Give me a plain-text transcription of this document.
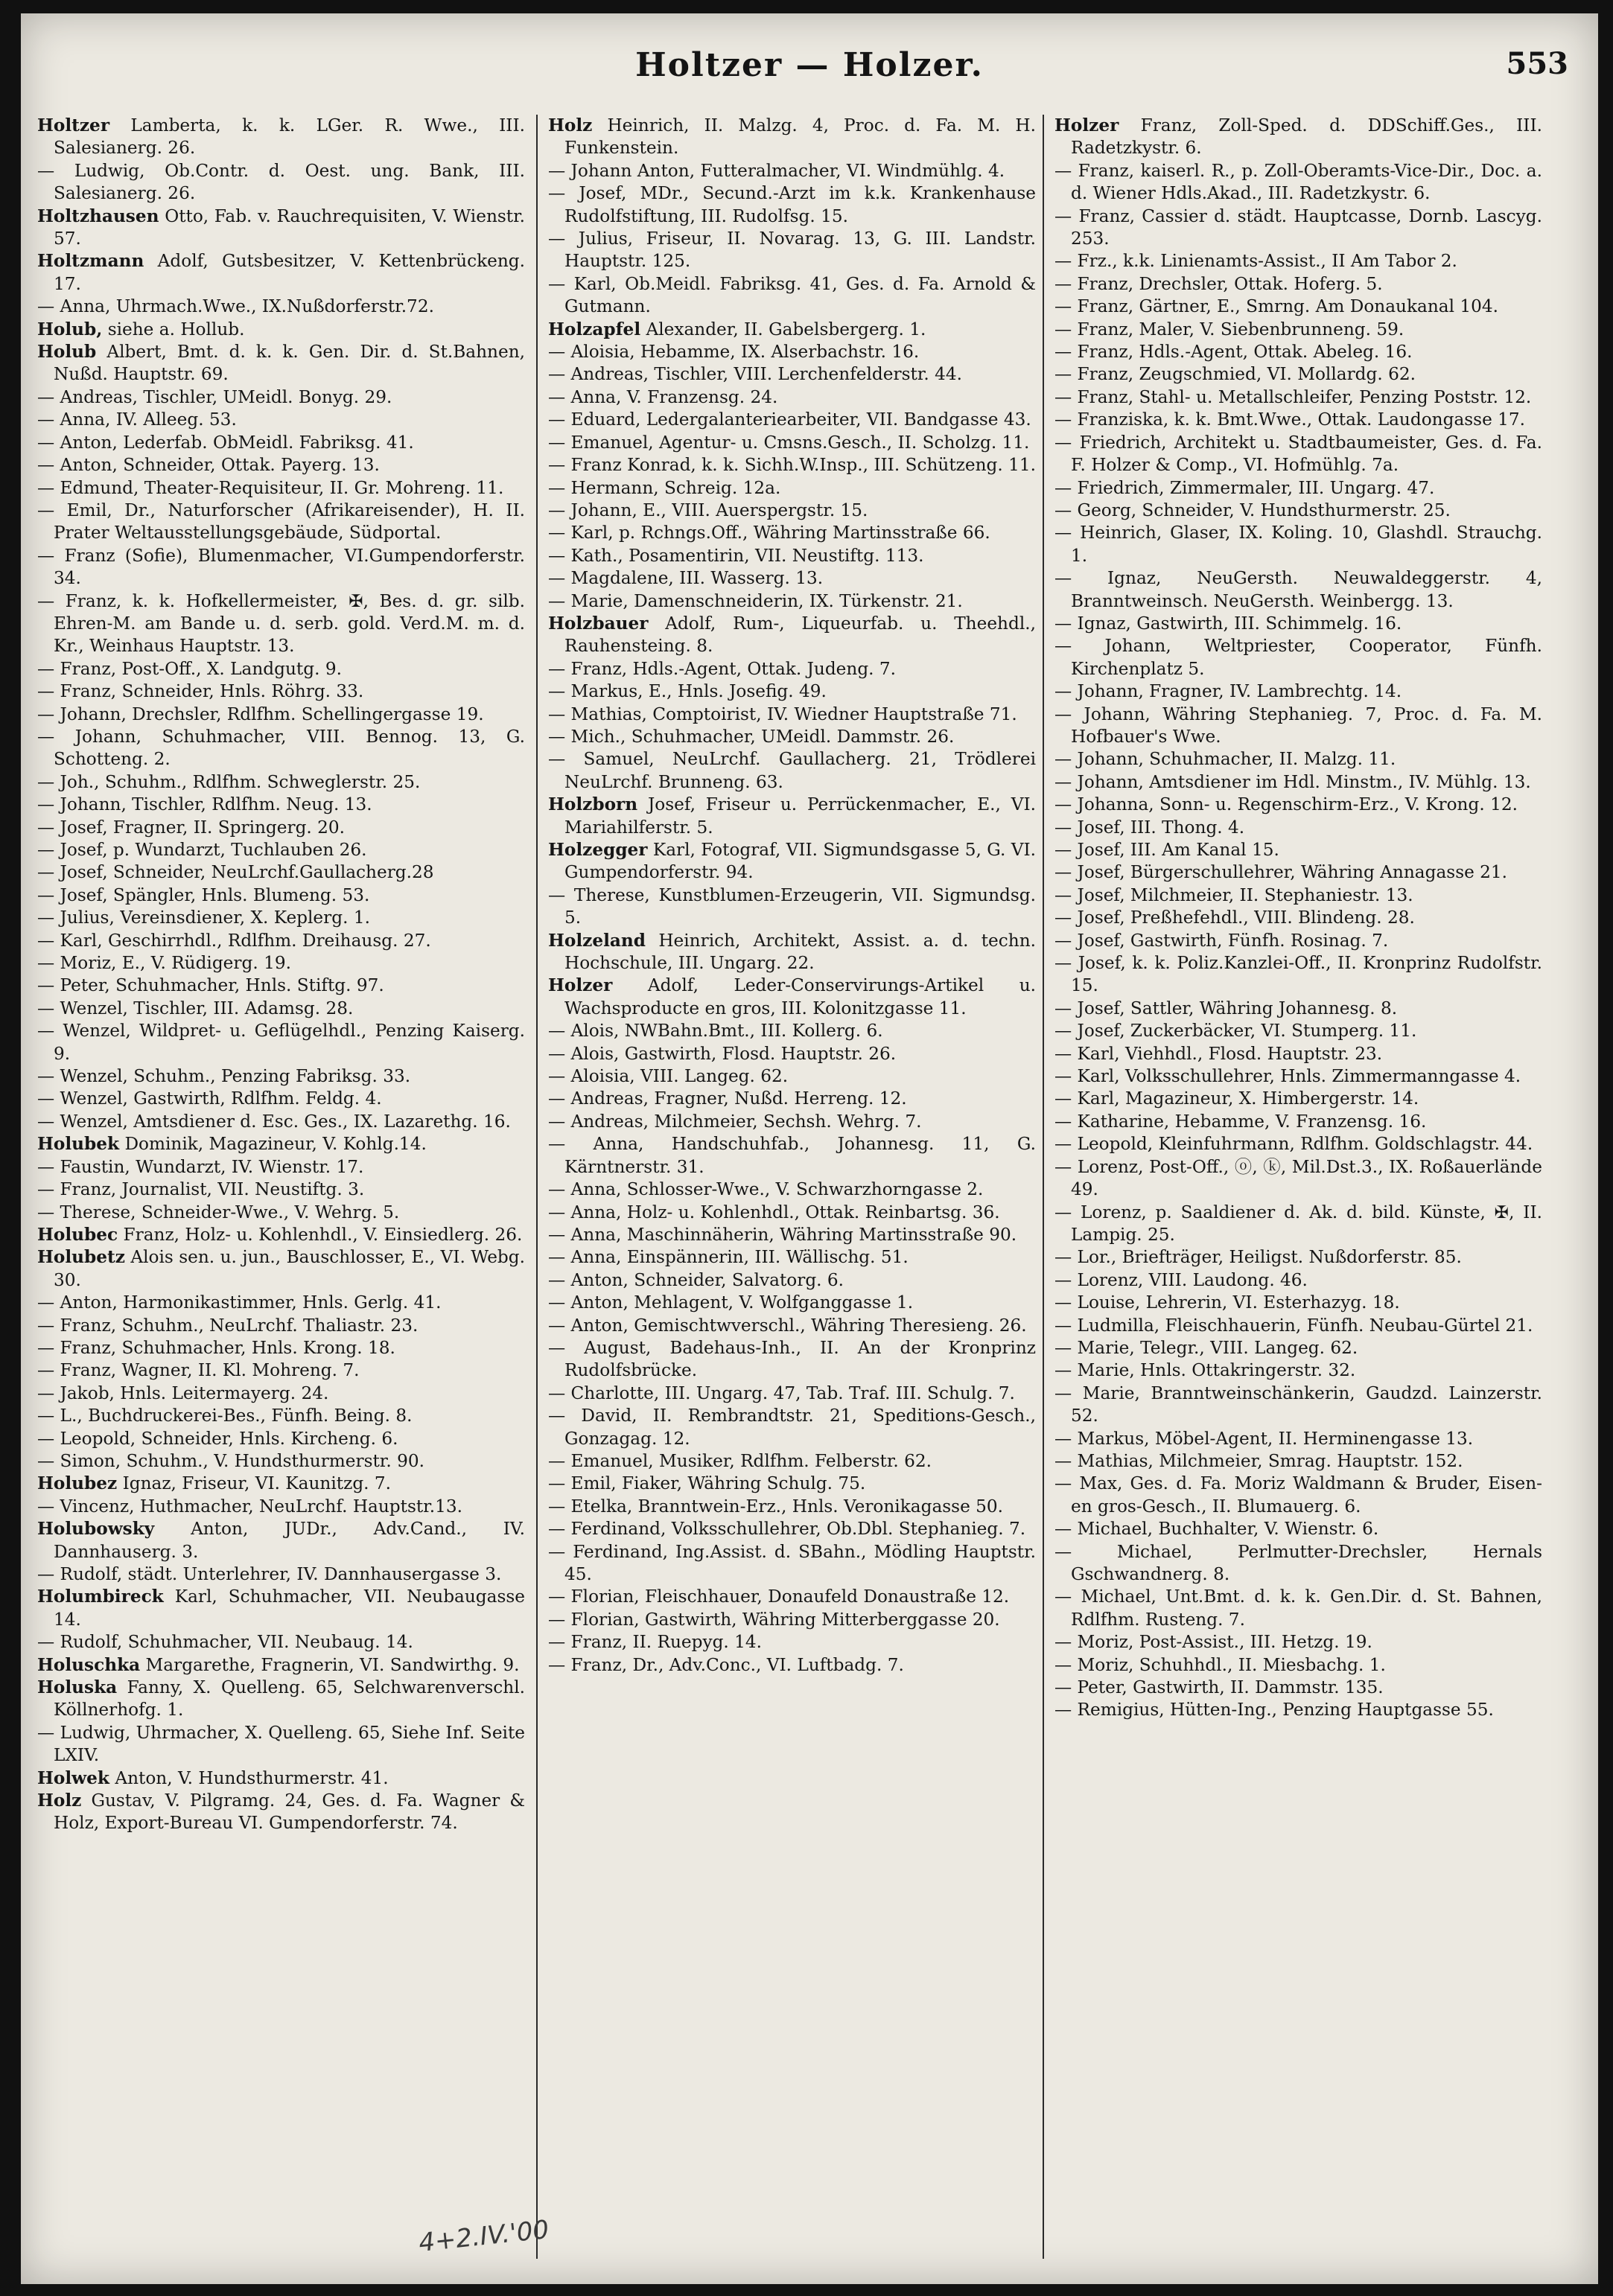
Holtzer — Holzer.	553

Holtzer Lamberta, k. k. LGer. R. Wwe., III. Salesianerg. 26.

— Ludwig, Ob.Contr. d. Oest. ung. Bank, III. Salesianerg. 26.

Holtzhausen Otto, Fab. v. Rauchrequisiten, V. Wienstr. 57.

Holtzmann Adolf, Gutsbesitzer, V. Kettenbrückeng. 17.

— Anna, Uhrmach.Wwe., IX.Nußdorferstr.72.

Holub, siehe a. Hollub.

Holub Albert, Bmt. d. k. k. Gen. Dir. d. St.Bahnen, Nußd. Hauptstr. 69.

— Andreas, Tischler, UMeidl. Bonyg. 29.

— Anna, IV. Alleeg. 53.

— Anton, Lederfab. ObMeidl. Fabriksg. 41.

— Anton, Schneider, Ottak. Payerg. 13.

— Edmund, Theater-Requisiteur, II. Gr. Mohreng. 11.

— Emil, Dr., Naturforscher (Afrikareisender), H. II. Prater Weltausstellungsgebäude, Südportal.

— Franz (Sofie), Blumenmacher, VI.Gumpendorferstr. 34.

— Franz, k. k. Hofkellermeister, ✠, Bes. d. gr. silb. Ehren-M. am Bande u. d. serb. gold. Verd.M. m. d. Kr., Weinhaus Hauptstr. 13.

— Franz, Post-Off., X. Landgutg. 9.

— Franz, Schneider, Hnls. Röhrg. 33.

— Johann, Drechsler, Rdlfhm. Schellingergasse 19.

— Johann, Schuhmacher, VIII. Bennog. 13, G. Schotteng. 2.

— Joh., Schuhm., Rdlfhm. Schweglerstr. 25.

— Johann, Tischler, Rdlfhm. Neug. 13.

— Josef, Fragner, II. Springerg. 20.

— Josef, p. Wundarzt, Tuchlauben 26.

— Josef, Schneider, NeuLrchf.Gaullacherg.28

— Josef, Spängler, Hnls. Blumeng. 53.

— Julius, Vereinsdiener, X. Keplerg. 1.

— Karl, Geschirrhdl., Rdlfhm. Dreihausg. 27.

— Moriz, E., V. Rüdigerg. 19.

— Peter, Schuhmacher, Hnls. Stiftg. 97.

— Wenzel, Tischler, III. Adamsg. 28.

— Wenzel, Wildpret- u. Geflügelhdl., Penzing Kaiserg. 9.

— Wenzel, Schuhm., Penzing Fabriksg. 33.

— Wenzel, Gastwirth, Rdlfhm. Feldg. 4.

— Wenzel, Amtsdiener d. Esc. Ges., IX. Lazarethg. 16.

Holubek Dominik, Magazineur, V. Kohlg.14.

— Faustin, Wundarzt, IV. Wienstr. 17.

— Franz, Journalist, VII. Neustiftg. 3.

— Therese, Schneider-Wwe., V. Wehrg. 5.

Holubec Franz, Holz- u. Kohlenhdl., V. Einsiedlerg. 26.

Holubetz Alois sen. u. jun., Bauschlosser, E., VI. Webg. 30.

— Anton, Harmonikastimmer, Hnls. Gerlg. 41.

— Franz, Schuhm., NeuLrchf. Thaliastr. 23.

— Franz, Schuhmacher, Hnls. Krong. 18.

— Franz, Wagner, II. Kl. Mohreng. 7.

— Jakob, Hnls. Leitermayerg. 24.

— L., Buchdruckerei-Bes., Fünfh. Being. 8.

— Leopold, Schneider, Hnls. Kircheng. 6.

— Simon, Schuhm., V. Hundsthurmerstr. 90.

Holubez Ignaz, Friseur, VI. Kaunitzg. 7.

— Vincenz, Huthmacher, NeuLrchf. Hauptstr.13.

Holubowsky Anton, JUDr., Adv.Cand., IV. Dannhauserg. 3.

— Rudolf, städt. Unterlehrer, IV. Dannhausergasse 3.

Holumbireck Karl, Schuhmacher, VII. Neubaugasse 14.

— Rudolf, Schuhmacher, VII. Neubaug. 14.

Holuschka Margarethe, Fragnerin, VI. Sandwirthg. 9.

Holuska Fanny, X. Quelleng. 65, Selchwarenverschl. Köllnerhofg. 1.

— Ludwig, Uhrmacher, X. Quelleng. 65, Siehe Inf. Seite LXIV.

Holwek Anton, V. Hundsthurmerstr. 41.

Holz Gustav, V. Pilgramg. 24, Ges. d. Fa. Wagner & Holz, Export-Bureau VI. Gumpendorferstr. 74.

Holz Heinrich, II. Malzg. 4, Proc. d. Fa. M. H. Funkenstein.

— Johann Anton, Futteralmacher, VI. Windmühlg. 4.

— Josef, MDr., Secund.-Arzt im k.k. Krankenhause Rudolfstiftung, III. Rudolfsg. 15.

— Julius, Friseur, II. Novarag. 13, G. III. Landstr. Hauptstr. 125.

— Karl, Ob.Meidl. Fabriksg. 41, Ges. d. Fa. Arnold & Gutmann.

Holzapfel Alexander, II. Gabelsbergerg. 1.

— Aloisia, Hebamme, IX. Alserbachstr. 16.

— Andreas, Tischler, VIII. Lerchenfelderstr. 44.

— Anna, V. Franzensg. 24.

— Eduard, Ledergalanteriearbeiter, VII. Bandgasse 43.

— Emanuel, Agentur- u. Cmsns.Gesch., II. Scholzg. 11.

— Franz Konrad, k. k. Sichh.W.Insp., III. Schützeng. 11.

— Hermann, Schreig. 12a.

— Johann, E., VIII. Auerspergstr. 15.

— Karl, p. Rchngs.Off., Währing Martinsstraße 66.

— Kath., Posamentirin, VII. Neustiftg. 113.

— Magdalene, III. Wasserg. 13.

— Marie, Damenschneiderin, IX. Türkenstr. 21.

Holzbauer Adolf, Rum-, Liqueurfab. u. Theehdl., Rauhensteing. 8.

— Franz, Hdls.-Agent, Ottak. Judeng. 7.

— Markus, E., Hnls. Josefig. 49.

— Mathias, Comptoirist, IV. Wiedner Hauptstraße 71.

— Mich., Schuhmacher, UMeidl. Dammstr. 26.

— Samuel, NeuLrchf. Gaullacherg. 21, Trödlerei NeuLrchf. Brunneng. 63.

Holzborn Josef, Friseur u. Perrückenmacher, E., VI. Mariahilferstr. 5.

Holzegger Karl, Fotograf, VII. Sigmundsgasse 5, G. VI. Gumpendorferstr. 94.

— Therese, Kunstblumen-Erzeugerin, VII. Sigmundsg. 5.

Holzeland Heinrich, Architekt, Assist. a. d. techn. Hochschule, III. Ungarg. 22.

Holzer Adolf, Leder-Conservirungs-Artikel u. Wachsproducte en gros, III. Kolonitzgasse 11.

— Alois, NWBahn.Bmt., III. Kollerg. 6.

— Alois, Gastwirth, Flosd. Hauptstr. 26.

— Aloisia, VIII. Langeg. 62.

— Andreas, Fragner, Nußd. Herreng. 12.

— Andreas, Milchmeier, Sechsh. Wehrg. 7.

— Anna, Handschuhfab., Johannesg. 11, G. Kärntnerstr. 31.

— Anna, Schlosser-Wwe., V. Schwarzhorngasse 2.

— Anna, Holz- u. Kohlenhdl., Ottak. Reinbartsg. 36.

— Anna, Maschinnäherin, Währing Martinsstraße 90.

— Anna, Einspännerin, III. Wällischg. 51.

— Anton, Schneider, Salvatorg. 6.

— Anton, Mehlagent, V. Wolfganggasse 1.

— Anton, Gemischtwverschl., Währing Theresieng. 26.

— August, Badehaus-Inh., II. An der Kronprinz Rudolfsbrücke.

— Charlotte, III. Ungarg. 47, Tab. Traf. III. Schulg. 7.

— David, II. Rembrandtstr. 21, Speditions-Gesch., Gonzagag. 12.

— Emanuel, Musiker, Rdlfhm. Felberstr. 62.

— Emil, Fiaker, Währing Schulg. 75.

— Etelka, Branntwein-Erz., Hnls. Veronikagasse 50.

— Ferdinand, Volksschullehrer, Ob.Dbl. Stephanieg. 7.

— Ferdinand, Ing.Assist. d. SBahn., Mödling Hauptstr. 45.

— Florian, Fleischhauer, Donaufeld Donaustraße 12.

— Florian, Gastwirth, Währing Mitterberggasse 20.

— Franz, II. Ruepyg. 14.

— Franz, Dr., Adv.Conc., VI. Luftbadg. 7.

Holzer Franz, Zoll-Sped. d. DDSchiff.Ges., III. Radetzkystr. 6.

— Franz, kaiserl. R., p. Zoll-Oberamts-Vice-Dir., Doc. a. d. Wiener Hdls.Akad., III. Radetzkystr. 6.

— Franz, Cassier d. städt. Hauptcasse, Dornb. Lascyg. 253.

— Frz., k.k. Linienamts-Assist., II Am Tabor 2.

— Franz, Drechsler, Ottak. Hoferg. 5.

— Franz, Gärtner, E., Smrng. Am Donaukanal 104.

— Franz, Maler, V. Siebenbrunneng. 59.

— Franz, Hdls.-Agent, Ottak. Abeleg. 16.

— Franz, Zeugschmied, VI. Mollardg. 62.

— Franz, Stahl- u. Metallschleifer, Penzing Poststr. 12.

— Franziska, k. k. Bmt.Wwe., Ottak. Laudongasse 17.

— Friedrich, Architekt u. Stadtbaumeister, Ges. d. Fa. F. Holzer & Comp., VI. Hofmühlg. 7a.

— Friedrich, Zimmermaler, III. Ungarg. 47.

— Georg, Schneider, V. Hundsthurmerstr. 25.

— Heinrich, Glaser, IX. Koling. 10, Glashdl. Strauchg. 1.

— Ignaz, NeuGersth. Neuwaldeggerstr. 4, Branntweinsch. NeuGersth. Weinbergg. 13.

— Ignaz, Gastwirth, III. Schimmelg. 16.

— Johann, Weltpriester, Cooperator, Fünfh. Kirchenplatz 5.

— Johann, Fragner, IV. Lambrechtg. 14.

— Johann, Währing Stephanieg. 7, Proc. d. Fa. M. Hofbauer's Wwe.

— Johann, Schuhmacher, II. Malzg. 11.

— Johann, Amtsdiener im Hdl. Minstm., IV. Mühlg. 13.

— Johanna, Sonn- u. Regenschirm-Erz., V. Krong. 12.

— Josef, III. Thong. 4.

— Josef, III. Am Kanal 15.

— Josef, Bürgerschullehrer, Währing Annagasse 21.

— Josef, Milchmeier, II. Stephaniestr. 13.

— Josef, Preßhefehdl., VIII. Blindeng. 28.

— Josef, Gastwirth, Fünfh. Rosinag. 7.

— Josef, k. k. Poliz.Kanzlei-Off., II. Kronprinz Rudolfstr. 15.

— Josef, Sattler, Währing Johannesg. 8.

— Josef, Zuckerbäcker, VI. Stumperg. 11.

— Karl, Viehhdl., Flosd. Hauptstr. 23.

— Karl, Volksschullehrer, Hnls. Zimmermanngasse 4.

— Karl, Magazineur, X. Himbergerstr. 14.

— Katharine, Hebamme, V. Franzensg. 16.

— Leopold, Kleinfuhrmann, Rdlfhm. Goldschlagstr. 44.

— Lorenz, Post-Off., ⓞ, ⓚ, Mil.Dst.3., IX. Roßauerlände 49.

— Lorenz, p. Saaldiener d. Ak. d. bild. Künste, ✠, II. Lampig. 25.

— Lor., Briefträger, Heiligst. Nußdorferstr. 85.

— Lorenz, VIII. Laudong. 46.

— Louise, Lehrerin, VI. Esterhazyg. 18.

— Ludmilla, Fleischhauerin, Fünfh. Neubau-Gürtel 21.

— Marie, Telegr., VIII. Langeg. 62.

— Marie, Hnls. Ottakringerstr. 32.

— Marie, Branntweinschänkerin, Gaudzd. Lainzerstr. 52.

— Markus, Möbel-Agent, II. Herminengasse 13.

— Mathias, Milchmeier, Smrag. Hauptstr. 152.

— Max, Ges. d. Fa. Moriz Waldmann & Bruder, Eisen-en gros-Gesch., II. Blumauerg. 6.

— Michael, Buchhalter, V. Wienstr. 6.

— Michael, Perlmutter-Drechsler, Hernals Gschwandnerg. 8.

— Michael, Unt.Bmt. d. k. k. Gen.Dir. d. St. Bahnen, Rdlfhm. Rusteng. 7.

— Moriz, Post-Assist., III. Hetzg. 19.

— Moriz, Schuhhdl., II. Miesbachg. 1.

— Peter, Gastwirth, II. Dammstr. 135.

— Remigius, Hütten-Ing., Penzing Hauptgasse 55.

4+2.IV.'00
